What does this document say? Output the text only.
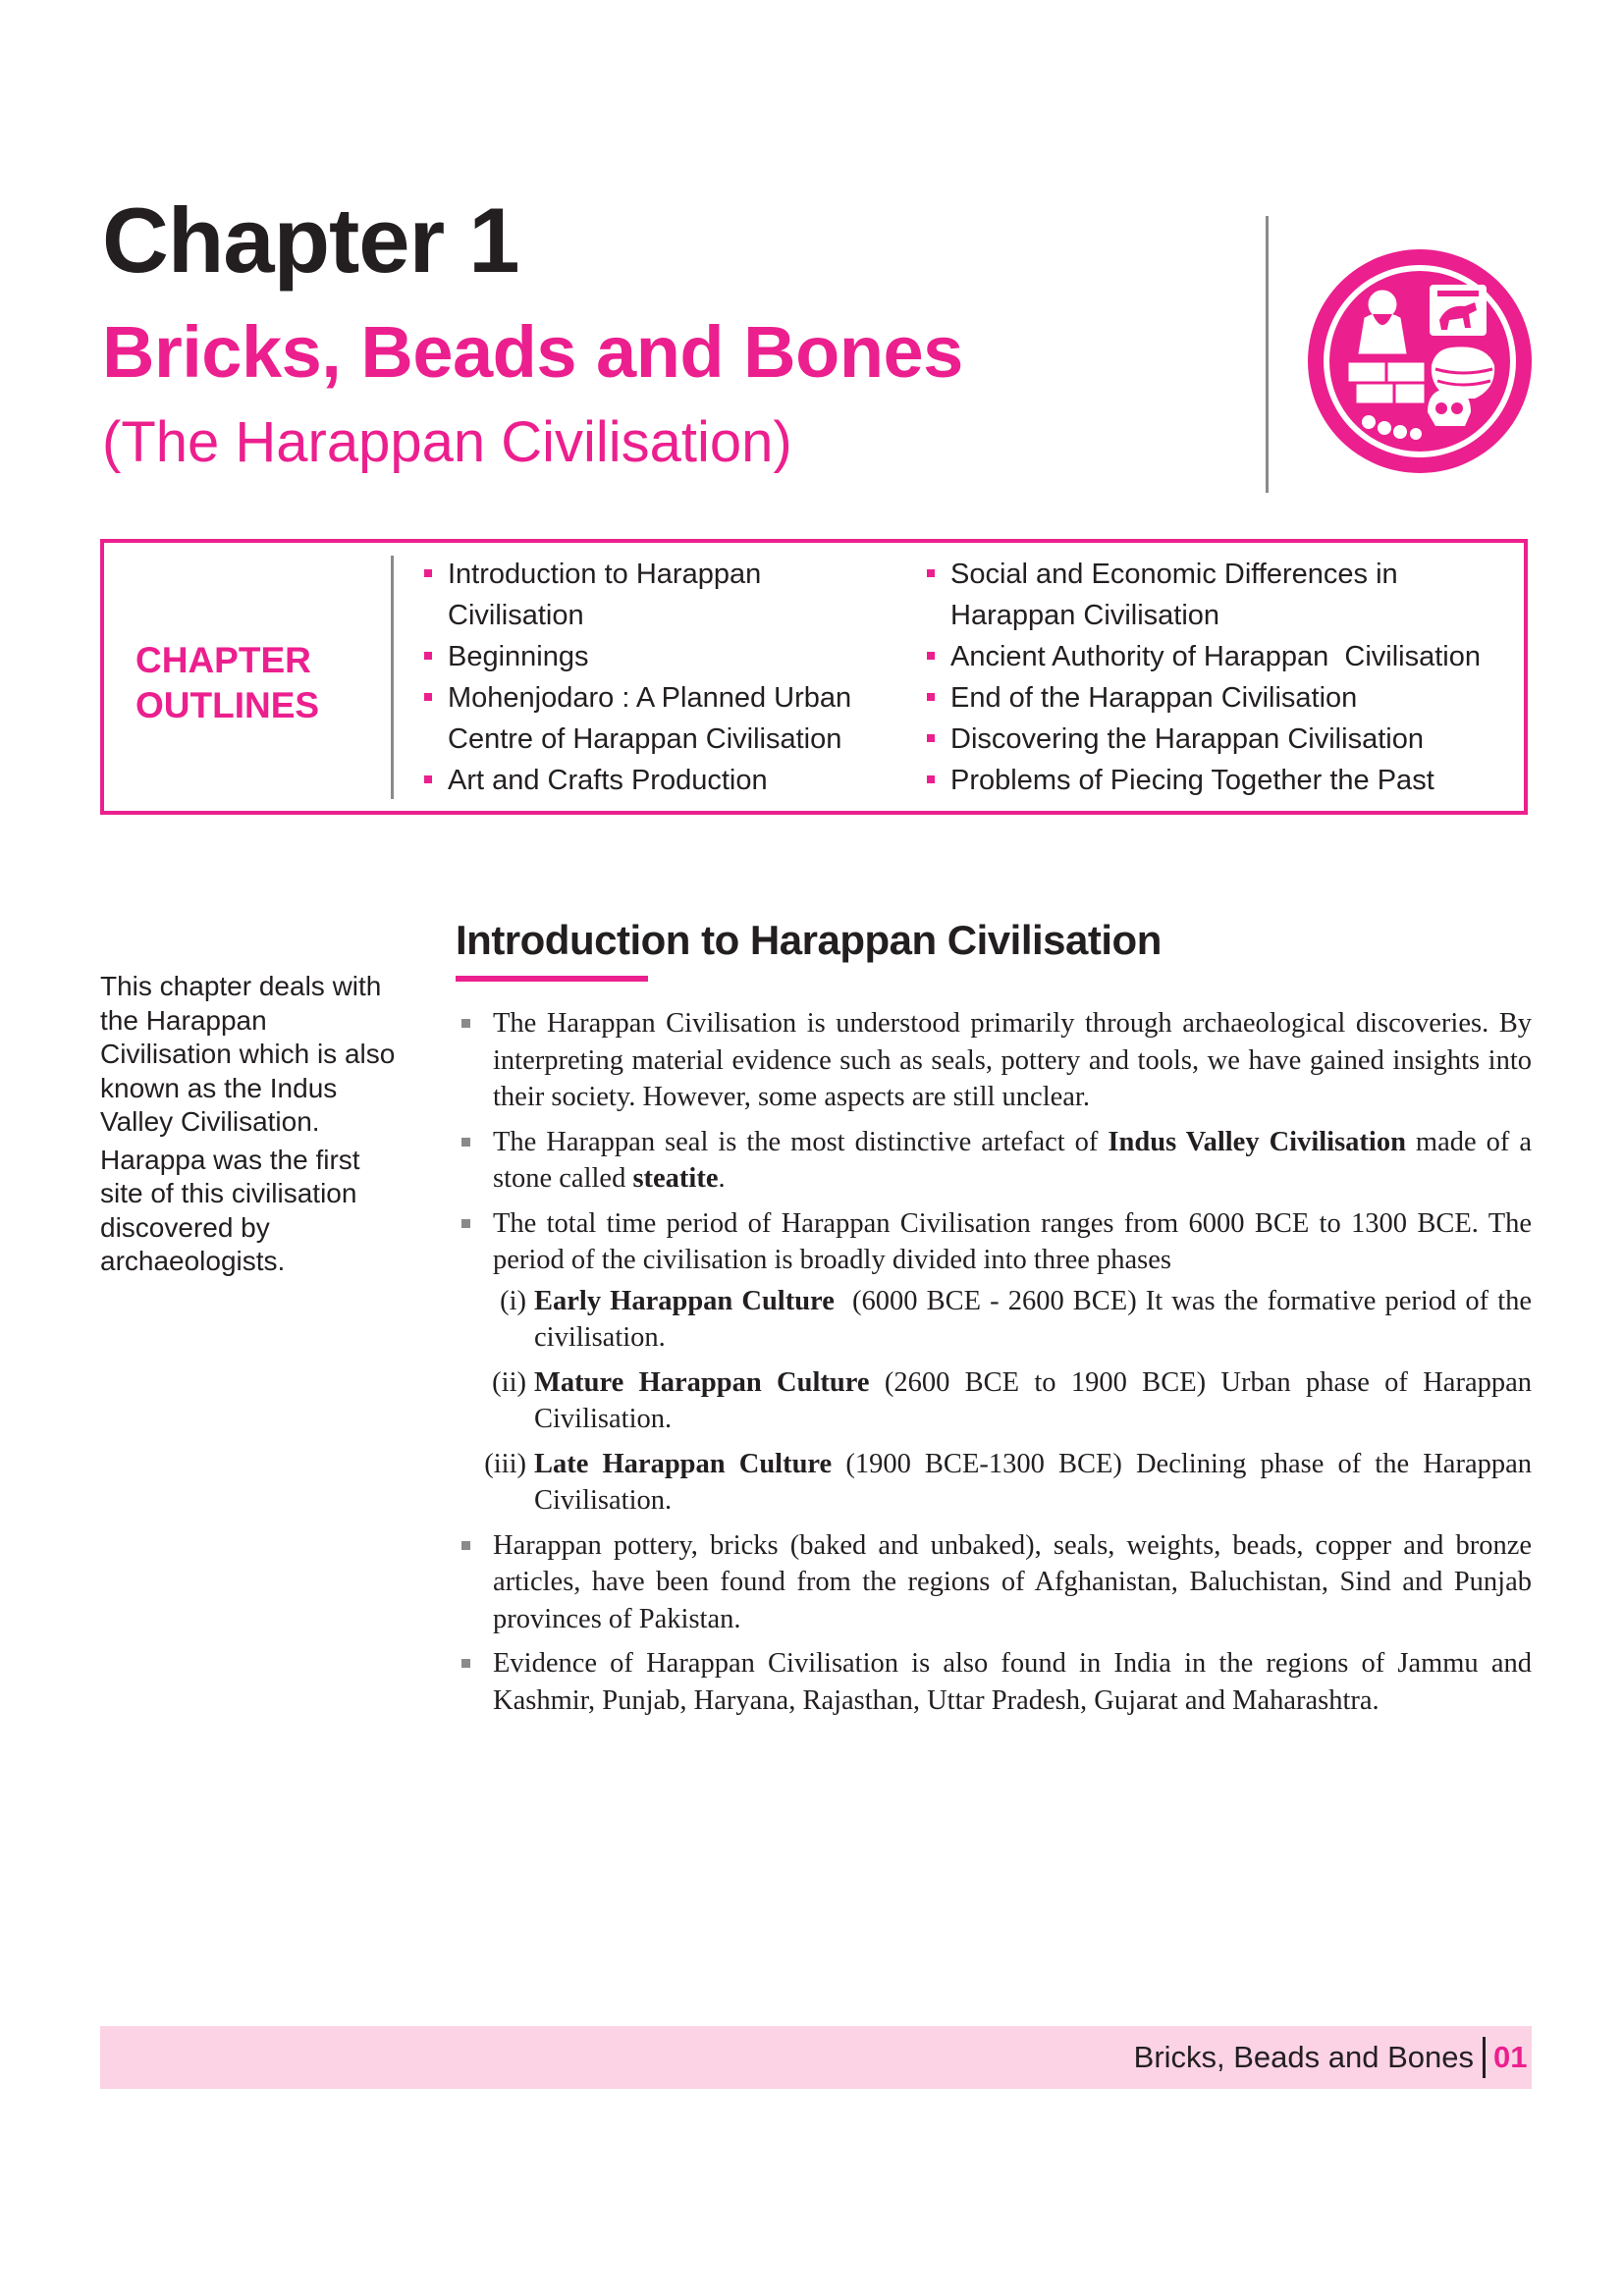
Chapter 1
Bricks, Beads and Bones
(The Harappan Civilisation)
CHAPTER
OUTLINES
Introduction to Harappan
Civilisation
Beginnings
Mohenjodaro : A Planned Urban
Centre of Harappan Civilisation
Art and Crafts Production
Social and Economic Differences in
Harappan Civilisation
Ancient Authority of Harappan  Civilisation
End of the Harappan Civilisation
Discovering the Harappan Civilisation
Problems of Piecing Together the Past
This chapter deals with
the Harappan
Civilisation which is also
known as the Indus
Valley Civilisation.
Harappa was the first
site of this civilisation
discovered by
archaeologists.
Introduction to Harappan Civilisation
The Harappan Civilisation is understood primarily through archaeological discoveries. By interpreting material evidence such as seals, pottery and tools, we have gained insights into their society. However, some aspects are still unclear.
The Harappan seal is the most distinctive artefact of Indus Valley Civilisation made of a stone called steatite.
The total time period of Harappan Civilisation ranges from 6000 BCE to 1300 BCE. The period of the civilisation is broadly divided into three phases
(i) Early Harappan Culture  (6000 BCE - 2600 BCE) It was the formative period of the civilisation.
(ii) Mature Harappan Culture (2600 BCE to 1900 BCE) Urban phase of Harappan Civilisation.
(iii) Late Harappan Culture (1900 BCE-1300 BCE) Declining phase of the Harappan Civilisation.
Harappan pottery, bricks (baked and unbaked), seals, weights, beads, copper and bronze articles, have been found from the regions of Afghanistan, Baluchistan, Sind and Punjab provinces of Pakistan.
Evidence of Harappan Civilisation is also found in India in the regions of Jammu and Kashmir, Punjab, Haryana, Rajasthan, Uttar Pradesh, Gujarat and Maharashtra.
Bricks, Beads and Bones 01
